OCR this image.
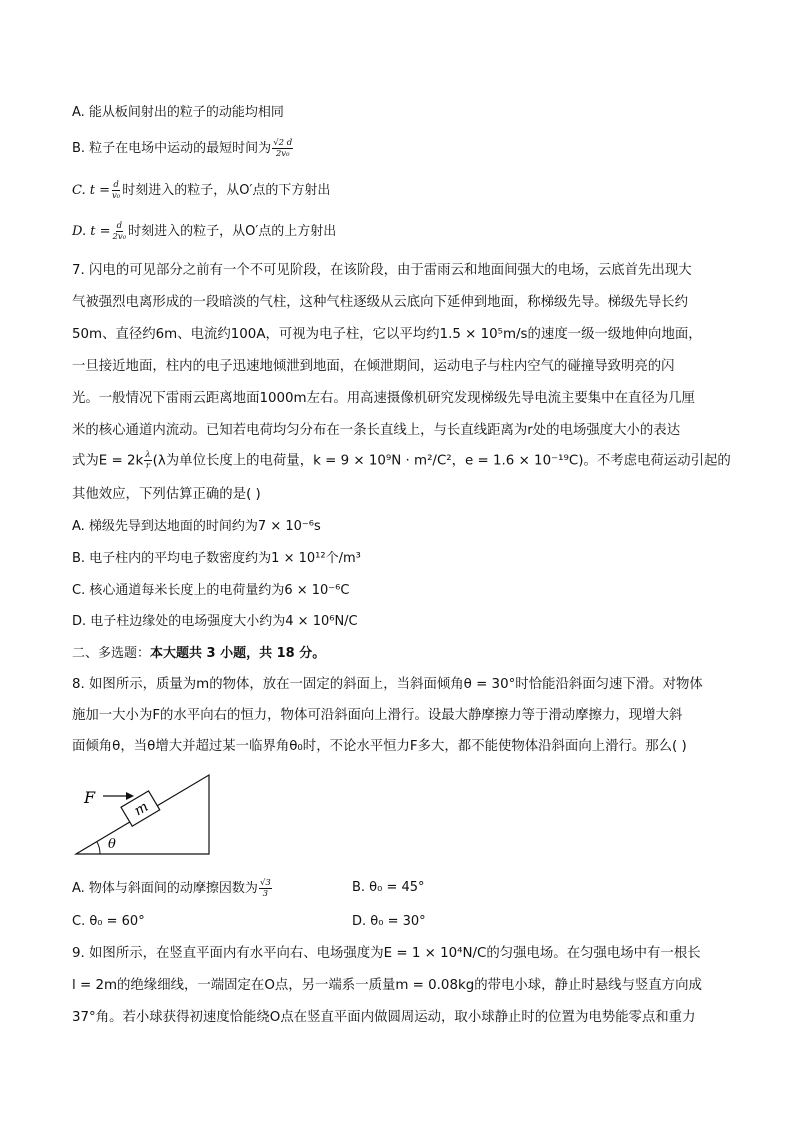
A. 能从板间射出的粒子的动能均相同
B. 粒子在电场中运动的最短时间为 $\frac{√2 d}{\text{2v₀}}$
C. $t = \frac{d}{\text{v₀}}$ 时刻进入的粒子，从O′点的下方射出
D. $t = \frac{d}{\text{2v₀}}$ 时刻进入的粒子，从O′点的上方射出
7. 闪电的可见部分之前有一个不可见阶段，在该阶段，由于雷雨云和地面间强大的电场，云底首先出现大
气被强烈电离形成的一段暗淡的气柱，这种气柱逐级从云底向下延伸到地面，称梯级先导。梯级先导长约
50m、直径约6m、电流约100A，可视为电子柱，它以平均约1.5 × 10⁵m/s的速度一级一级地伸向地面，
一旦接近地面，柱内的电子迅速地倾泄到地面，在倾泄期间，运动电子与柱内空气的碰撞导致明亮的闪
光。一般情况下雷雨云距离地面1000m左右。用高速摄像机研究发现梯级先导电流主要集中在直径为几厘
米的核心通道内流动。已知若电荷均匀分布在一条长直线上，与长直线距离为r处的电场强度大小的表达
式为$E = 2k \frac{\lambda}{r} (\lambda$为单位长度上的电荷量，k = 9 × 10⁹N · m²/C²，e = 1.6 × 10⁻¹⁹C)。不考虑电荷运动引起的
其他效应，下列估算正确的是( )
A. 梯级先导到达地面的时间约为7 × 10⁻⁶s
B. 电子柱内的平均电子数密度约为1 × 10¹²个/m³
C. 核心通道每米长度上的电荷量约为6 × 10⁻⁶C
D. 电子柱边缘处的电场强度大小约为4 × 10⁶N/C
二、多选题：本大题共 3 小题，共 18 分。
8. 如图所示，质量为m的物体，放在一固定的斜面上，当斜面倾角θ = 30°时恰能沿斜面匀速下滑。对物体
施加一大小为F的水平向右的恒力，物体可沿斜面向上滑行。设最大静摩擦力等于滑动摩擦力，现增大斜
面倾角θ，当θ增大并超过某一临界角θ₀时，不论水平恒力F多大，都不能使物体沿斜面向上滑行。那么( )
θ
m
F
A. 物体与斜面间的动摩擦因数为 $\frac{√3}{3}$	B. θ₀ = 45°
C. θ₀ = 60°	D. θ₀ = 30°
9. 如图所示，在竖直平面内有水平向右、电场强度为E = 1 × 10⁴N/C的匀强电场。在匀强电场中有一根长
l = 2m的绝缘细线，一端固定在O点，另一端系一质量m = 0.08kg的带电小球，静止时悬线与竖直方向成
37°角。若小球获得初速度恰能绕O点在竖直平面内做圆周运动，取小球静止时的位置为电势能零点和重力
